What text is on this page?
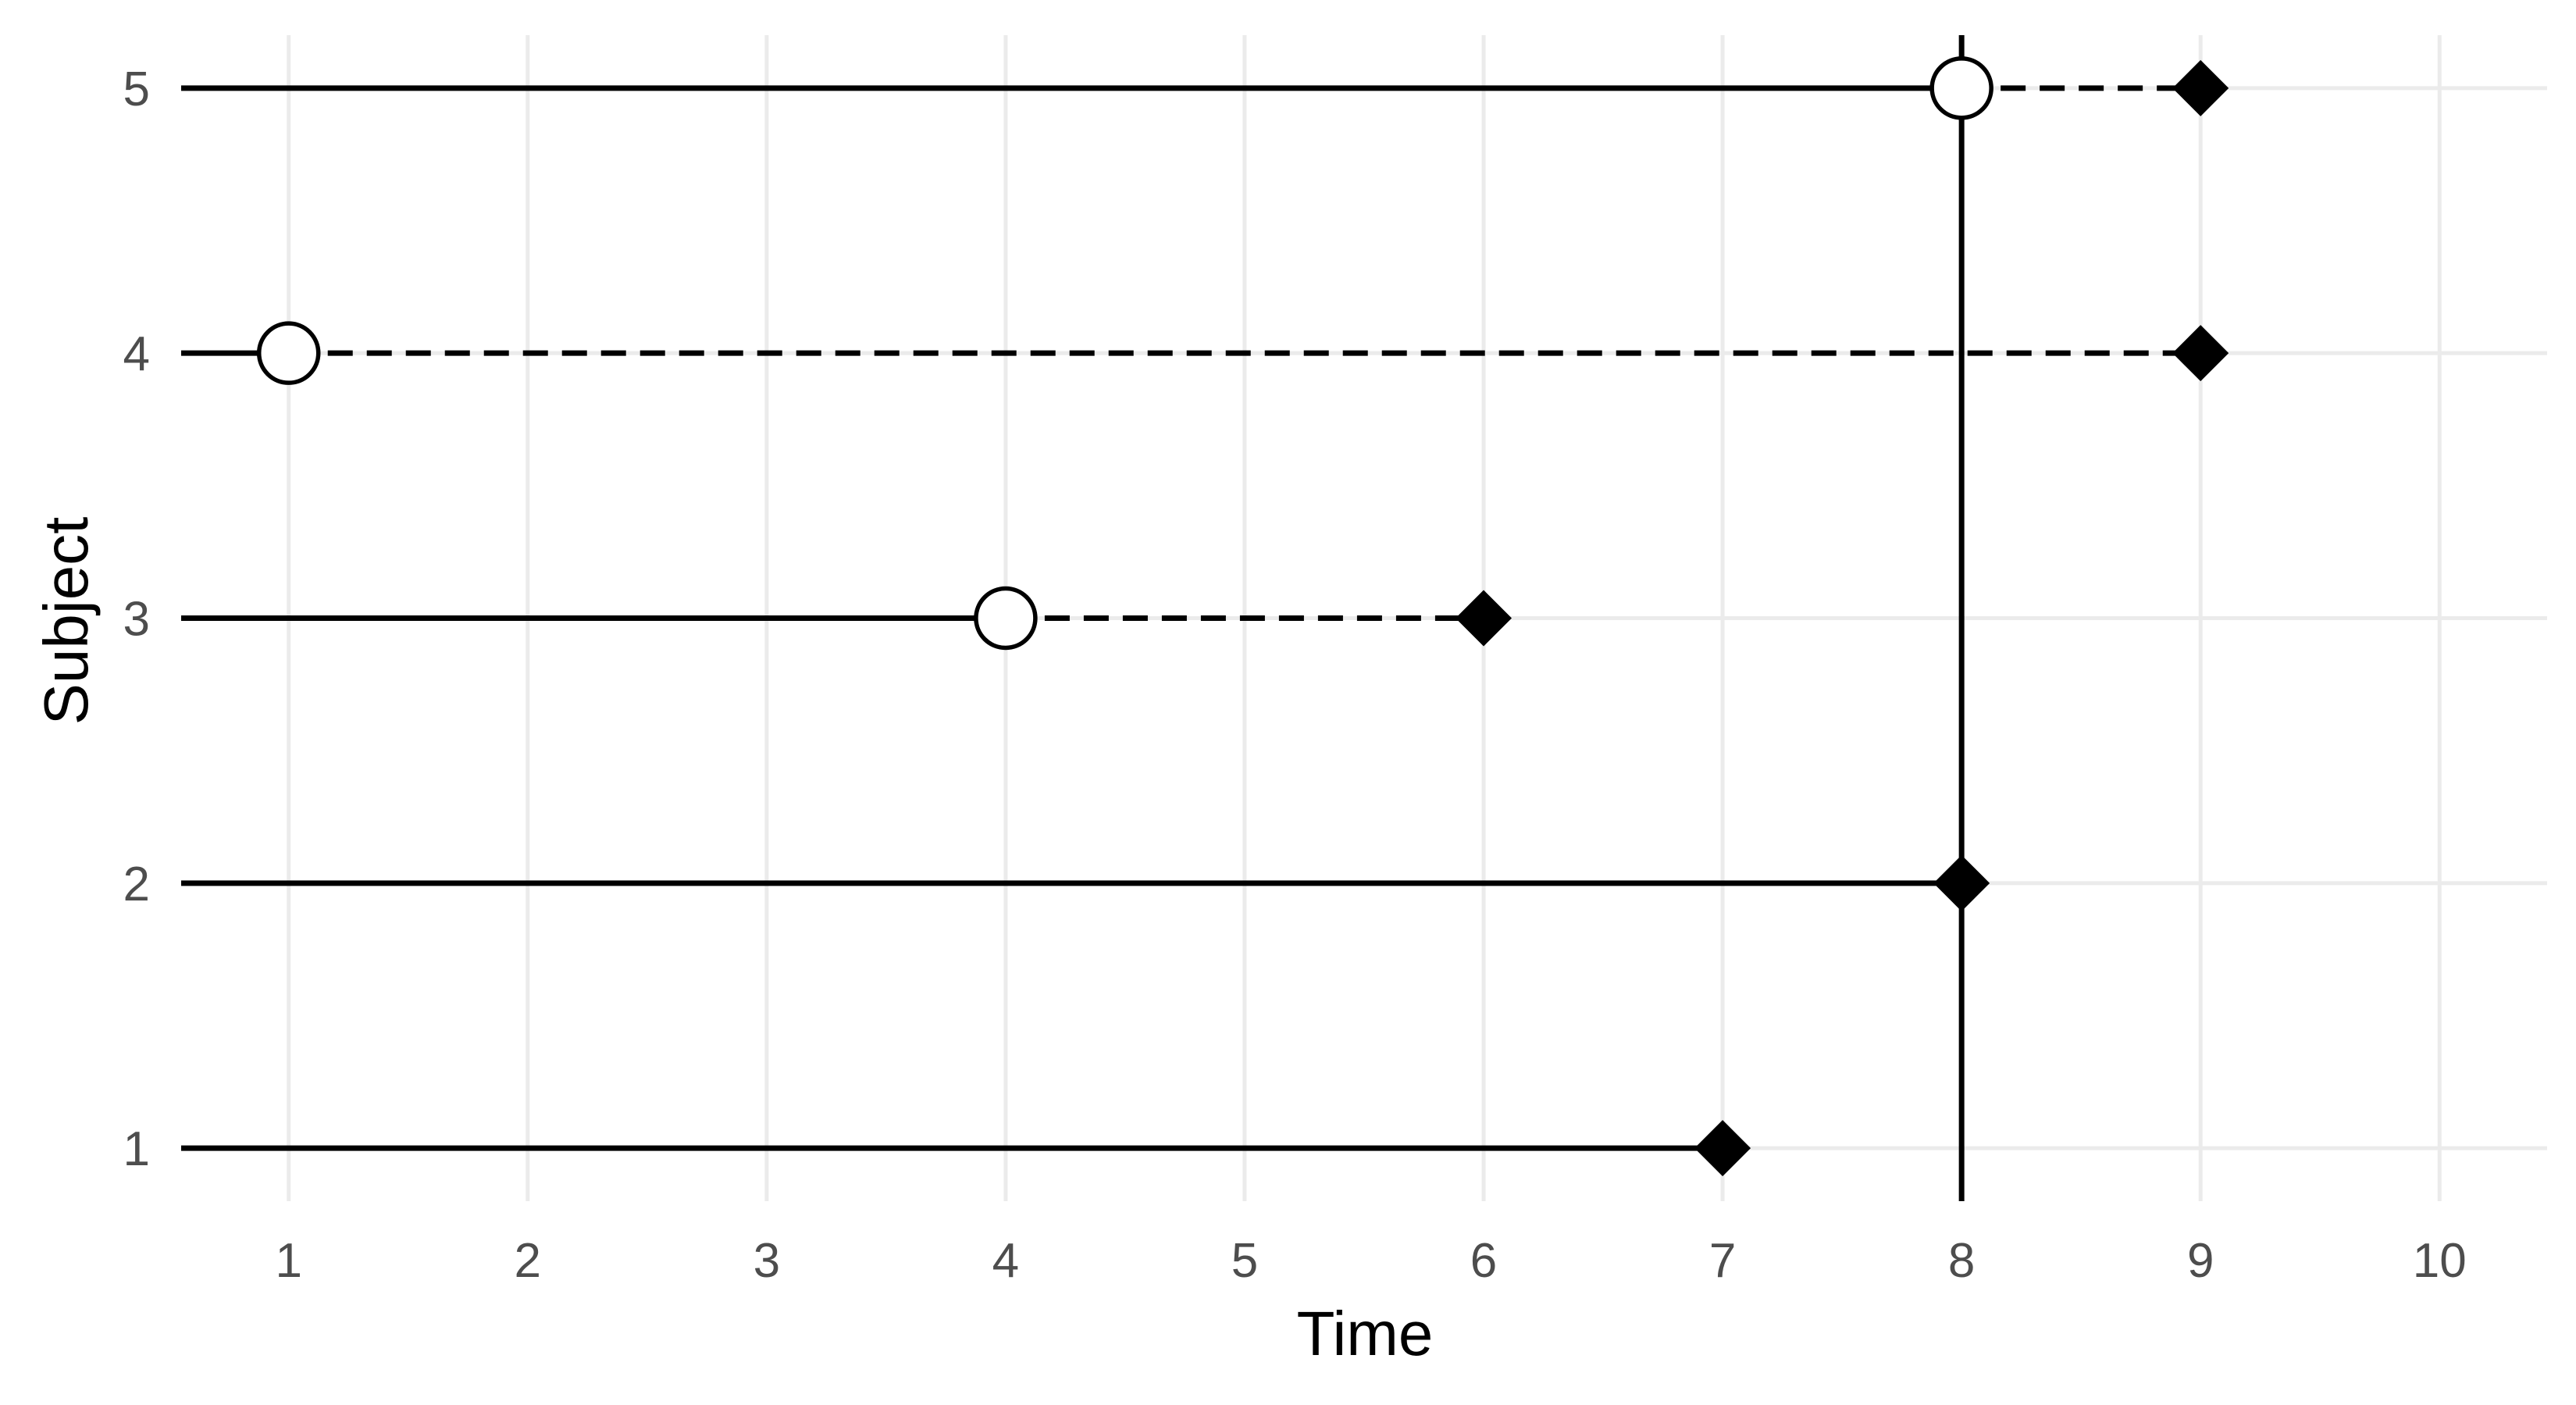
1	2	3	4	5	6	7	8	9	10
1
2
3
4
5
Time
Subject
